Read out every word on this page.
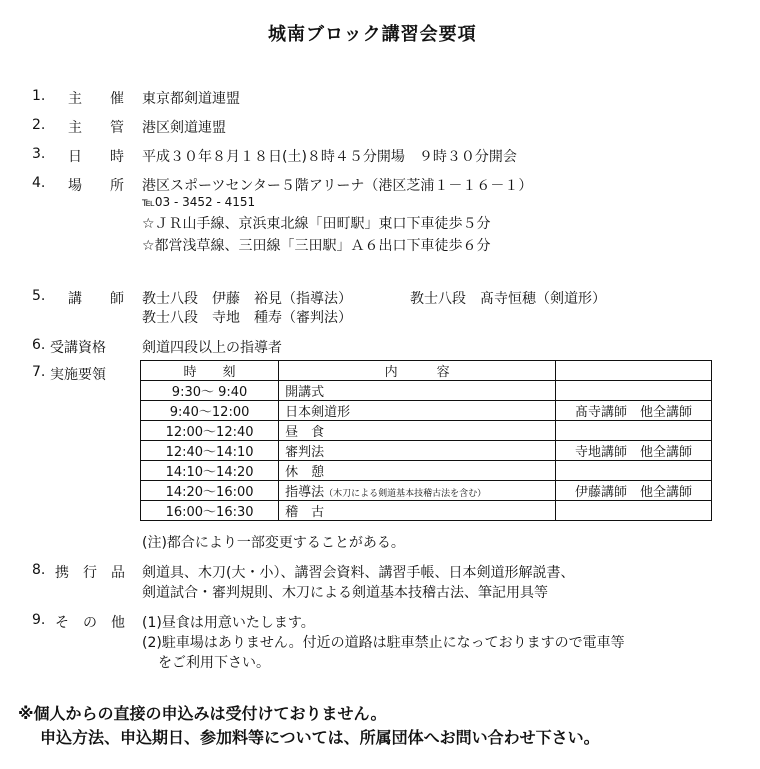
城南ブロック講習会要項
1. 主　　催 東京都剣道連盟
2. 主　　管 港区剣道連盟
3. 日　　時 平成３０年８月１８日(土)８時４５分開場　９時３０分開会
4. 場　　所 港区スポーツセンター５階アリーナ（港区芝浦１－１６－１）
℡03 - 3452 - 4151
☆ＪＲ山手線、京浜東北線「田町駅」東口下車徒歩５分
☆都営浅草線、三田線「三田駅」Ａ６出口下車徒歩６分
5. 講　　師 教士八段　伊藤　裕見（指導法）	教士八段　髙寺恒穂（剣道形）
教士八段　寺地　種寿（審判法）
6. 受講資格	剣道四段以上の指導者
7. 実施要領	時　　刻	内　　　容	
9:30～ 9:40	開講式	
9:40～12:00	日本剣道形	髙寺講師　他全講師
12:00～12:40	昼　食	
12:40～14:10	審判法	寺地講師　他全講師
14:10～14:20	休　憩	
14:20～16:00	指導法（木刀による剣道基本技稽古法を含む）	伊藤講師　他全講師
16:00～16:30	稽　古	
(注)都合により一部変更することがある。
8. 携　行　品 剣道具、木刀(大・小）、講習会資料、講習手帳、日本剣道形解説書、
剣道試合・審判規則、木刀による剣道基本技稽古法、筆記用具等
9. そ　の　他 (1)昼食は用意いたします。
(2)駐車場はありません。付近の道路は駐車禁止になっておりますので電車等
をご利用下さい。
※個人からの直接の申込みは受付けておりません。
申込方法、申込期日、参加料等については、所属団体へお問い合わせ下さい。
